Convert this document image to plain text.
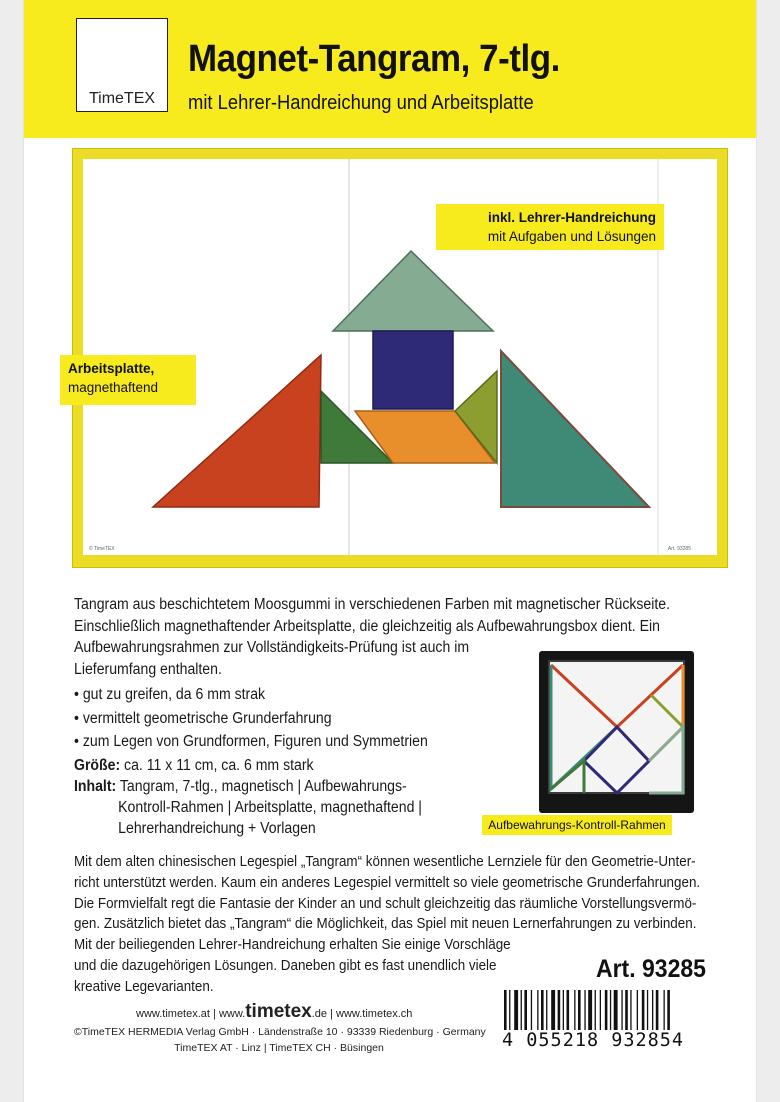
TimeTEX
Magnet-Tangram, 7-tlg.
mit Lehrer-Handreichung und Arbeitsplatte
© TimeTEX	Art. 93285
inkl. Lehrer-Handreichung
mit Aufgaben und Lösungen
Arbeitsplatte,
magnethaftend
Tangram aus beschichtetem Moosgummi in verschiedenen Farben mit magnetischer Rückseite.
Einschließlich magnethaftender Arbeitsplatte, die gleichzeitig als Aufbewahrungsbox dient. Ein
Aufbewahrungsrahmen zur Vollständigkeits-Prüfung ist auch im
Lieferumfang enthalten.
• gut zu greifen, da 6 mm strak
• vermittelt geometrische Grunderfahrung
• zum Legen von Grundformen, Figuren und Symmetrien
Größe: ca. 11 x 11 cm, ca. 6 mm stark
Inhalt: Tangram, 7-tlg., magnetisch | Aufbewahrungs-
Kontroll-Rahmen | Arbeitsplatte, magnethaftend |
Lehrerhandreichung + Vorlagen	Aufbewahrungs-Kontroll-Rahmen
Mit dem alten chinesischen Legespiel „Tangram“ können wesentliche Lernziele für den Geometrie-Unter-
richt unterstützt werden. Kaum ein anderes Legespiel vermittelt so viele geometrische Grunderfahrungen.
Die Formvielfalt regt die Fantasie der Kinder an und schult gleichzeitig das räumliche Vorstellungsvermö-
gen. Zusätzlich bietet das „Tangram“ die Möglichkeit, das Spiel mit neuen Lernerfahrungen zu verbinden.
Mit der beiliegenden Lehrer-Handreichung erhalten Sie einige Vorschläge
und die dazugehörigen Lösungen. Daneben gibt es fast unendlich viele
kreative Legevarianten.
Art. 93285
www.timetex.at | www.timetex.de | www.timetex.ch
©TimeTEX HERMEDIA Verlag GmbH · Ländenstraße 10 · 93339 Riedenburg · Germany
TimeTEX AT · Linz | TimeTEX CH · Büsingen	4 055218 932854
